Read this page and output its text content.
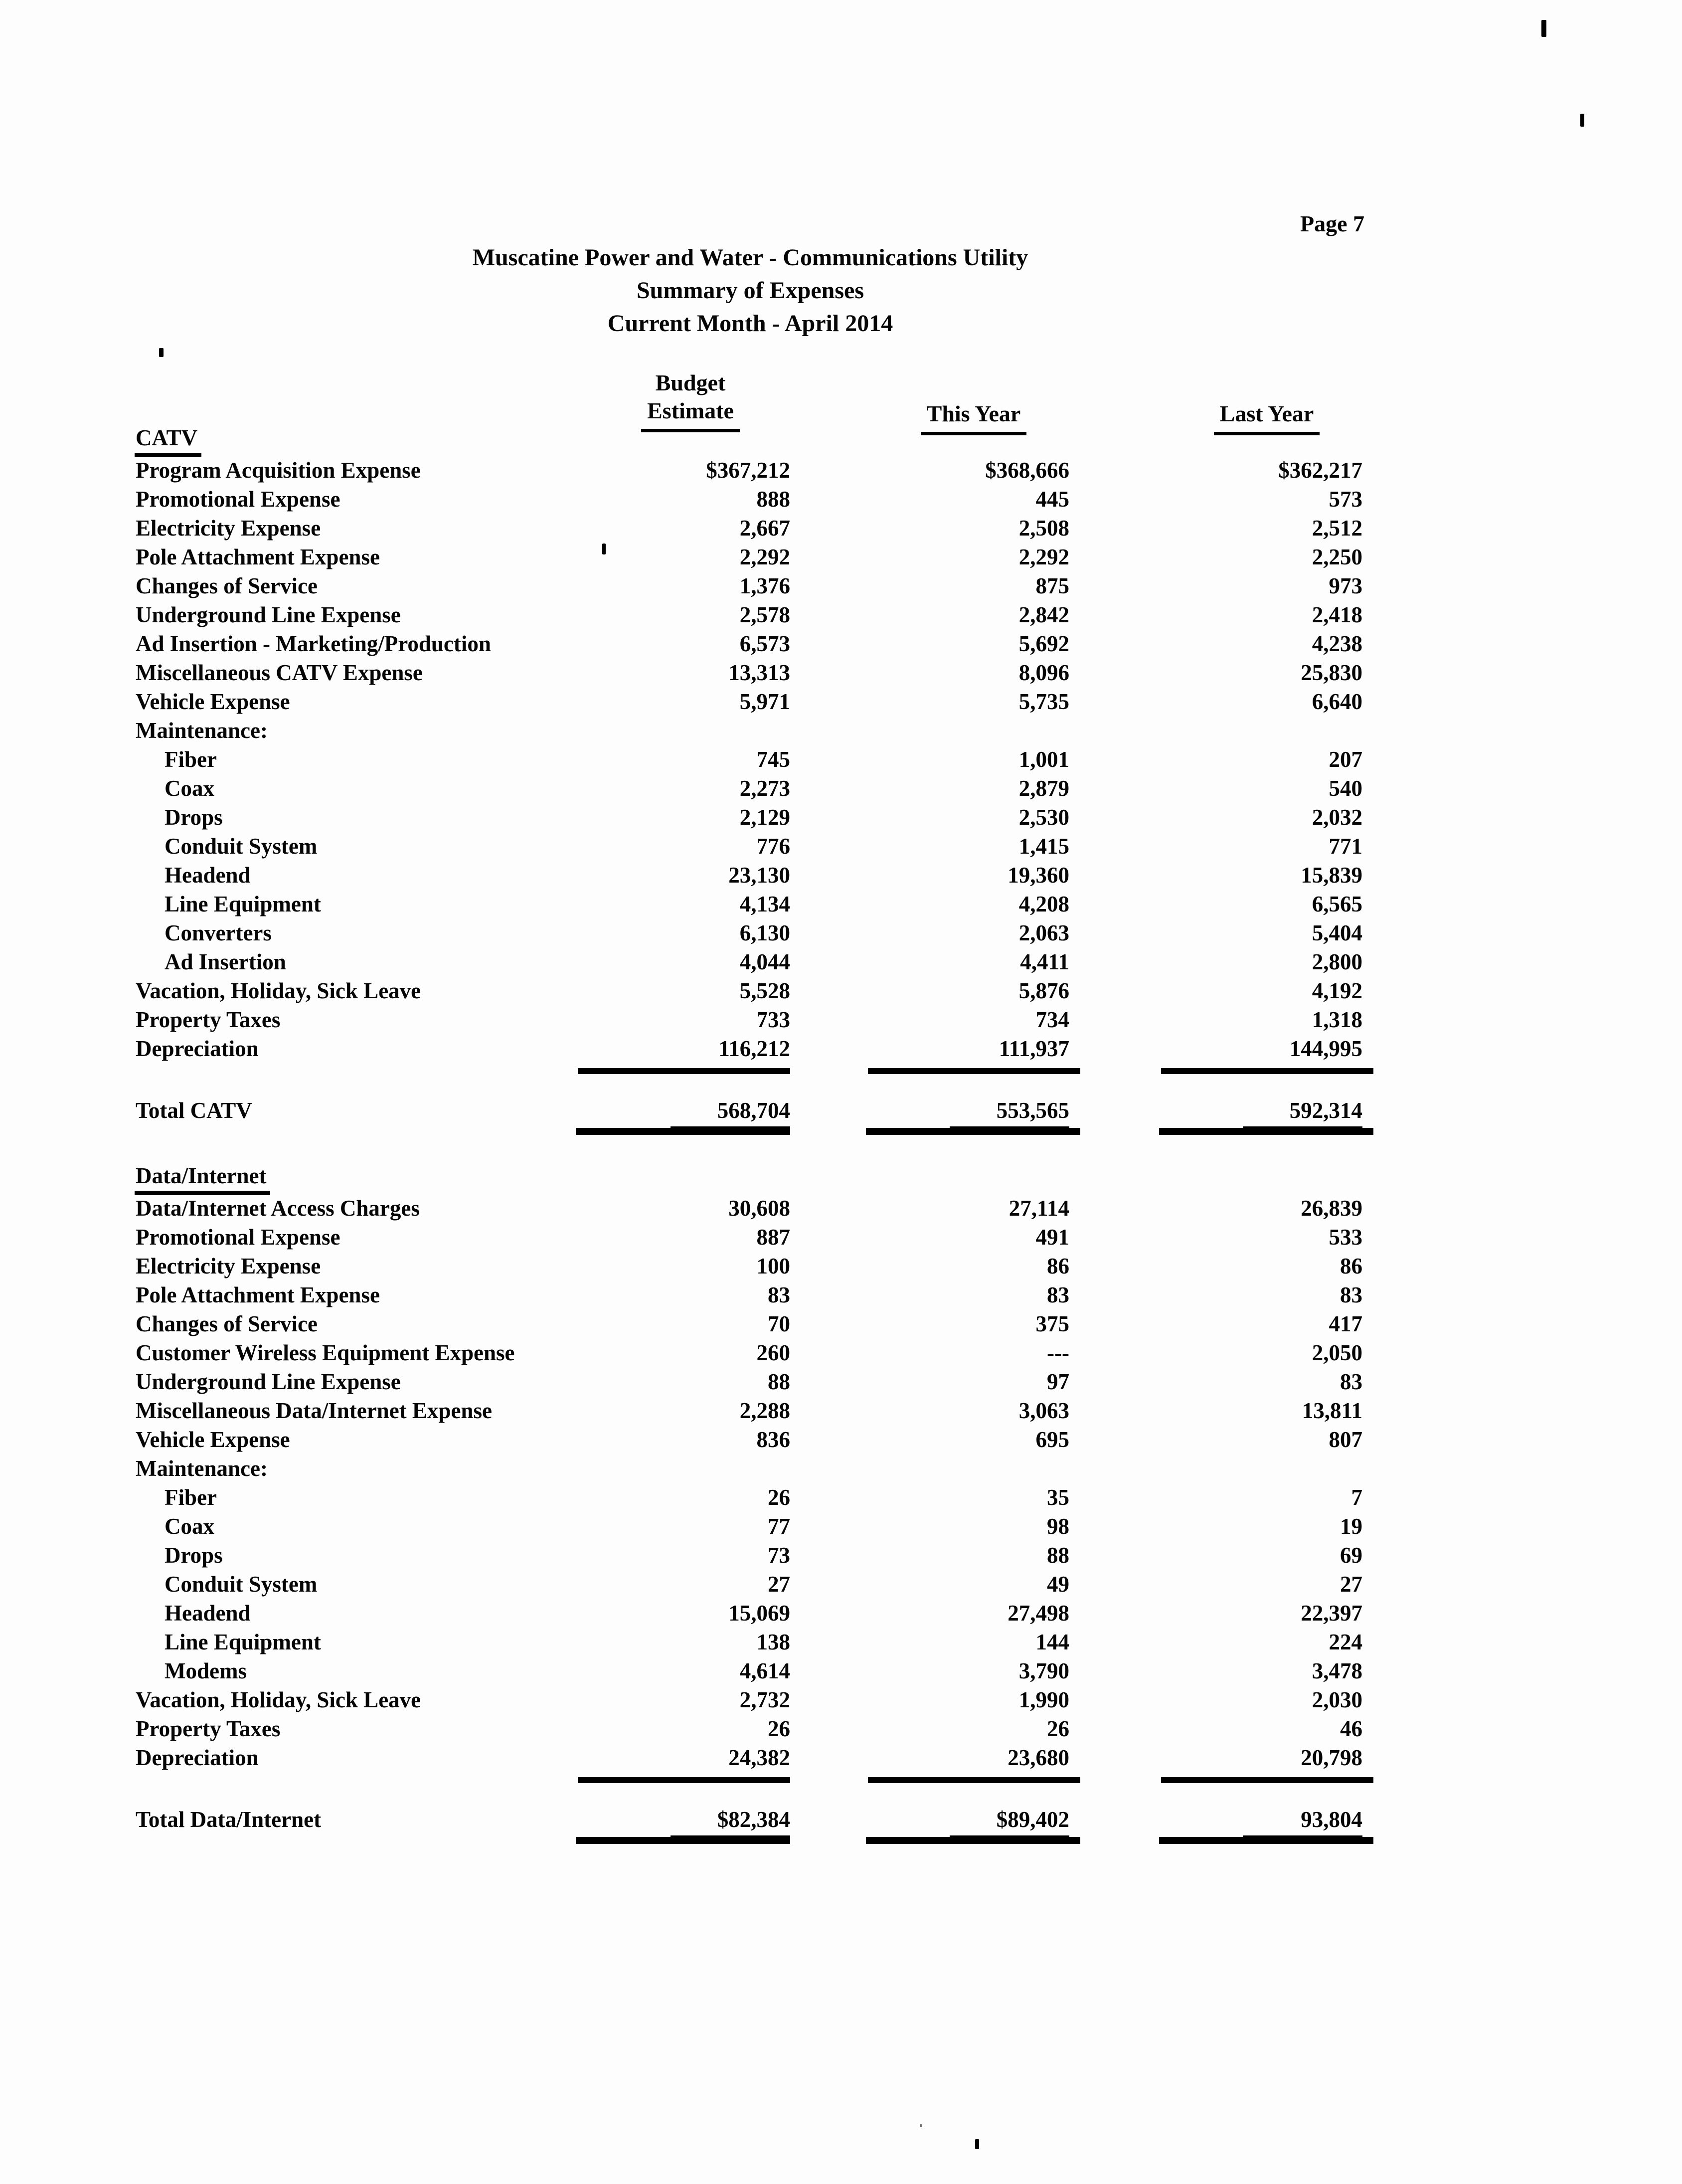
Page 7
Muscatine Power and Water - Communications Utility
Summary of Expenses
Current Month - April 2014
Budget
Estimate	This Year	Last Year
CATV
Program Acquisition Expense	$367,212	$368,666	$362,217
Promotional Expense	888	445	573
Electricity Expense	2,667	2,508	2,512
Pole Attachment Expense	2,292	2,292	2,250
Changes of Service	1,376	875	973
Underground Line Expense	2,578	2,842	2,418
Ad Insertion - Marketing/Production	6,573	5,692	4,238
Miscellaneous CATV Expense	13,313	8,096	25,830
Vehicle Expense	5,971	5,735	6,640
Maintenance:
Fiber	745	1,001	207
Coax	2,273	2,879	540
Drops	2,129	2,530	2,032
Conduit System	776	1,415	771
Headend	23,130	19,360	15,839
Line Equipment	4,134	4,208	6,565
Converters	6,130	2,063	5,404
Ad Insertion	4,044	4,411	2,800
Vacation, Holiday, Sick Leave	5,528	5,876	4,192
Property Taxes	733	734	1,318
Depreciation	116,212	111,937	144,995
Total CATV	568,704	553,565	592,314
Data/Internet
Data/Internet Access Charges	30,608	27,114	26,839
Promotional Expense	887	491	533
Electricity Expense	100	86	86
Pole Attachment Expense	83	83	83
Changes of Service	70	375	417
Customer Wireless Equipment Expense	260	---	2,050
Underground Line Expense	88	97	83
Miscellaneous Data/Internet Expense	2,288	3,063	13,811
Vehicle Expense	836	695	807
Maintenance:
Fiber	26	35	7
Coax	77	98	19
Drops	73	88	69
Conduit System	27	49	27
Headend	15,069	27,498	22,397
Line Equipment	138	144	224
Modems	4,614	3,790	3,478
Vacation, Holiday, Sick Leave	2,732	1,990	2,030
Property Taxes	26	26	46
Depreciation	24,382	23,680	20,798
Total Data/Internet	$82,384	$89,402	93,804
